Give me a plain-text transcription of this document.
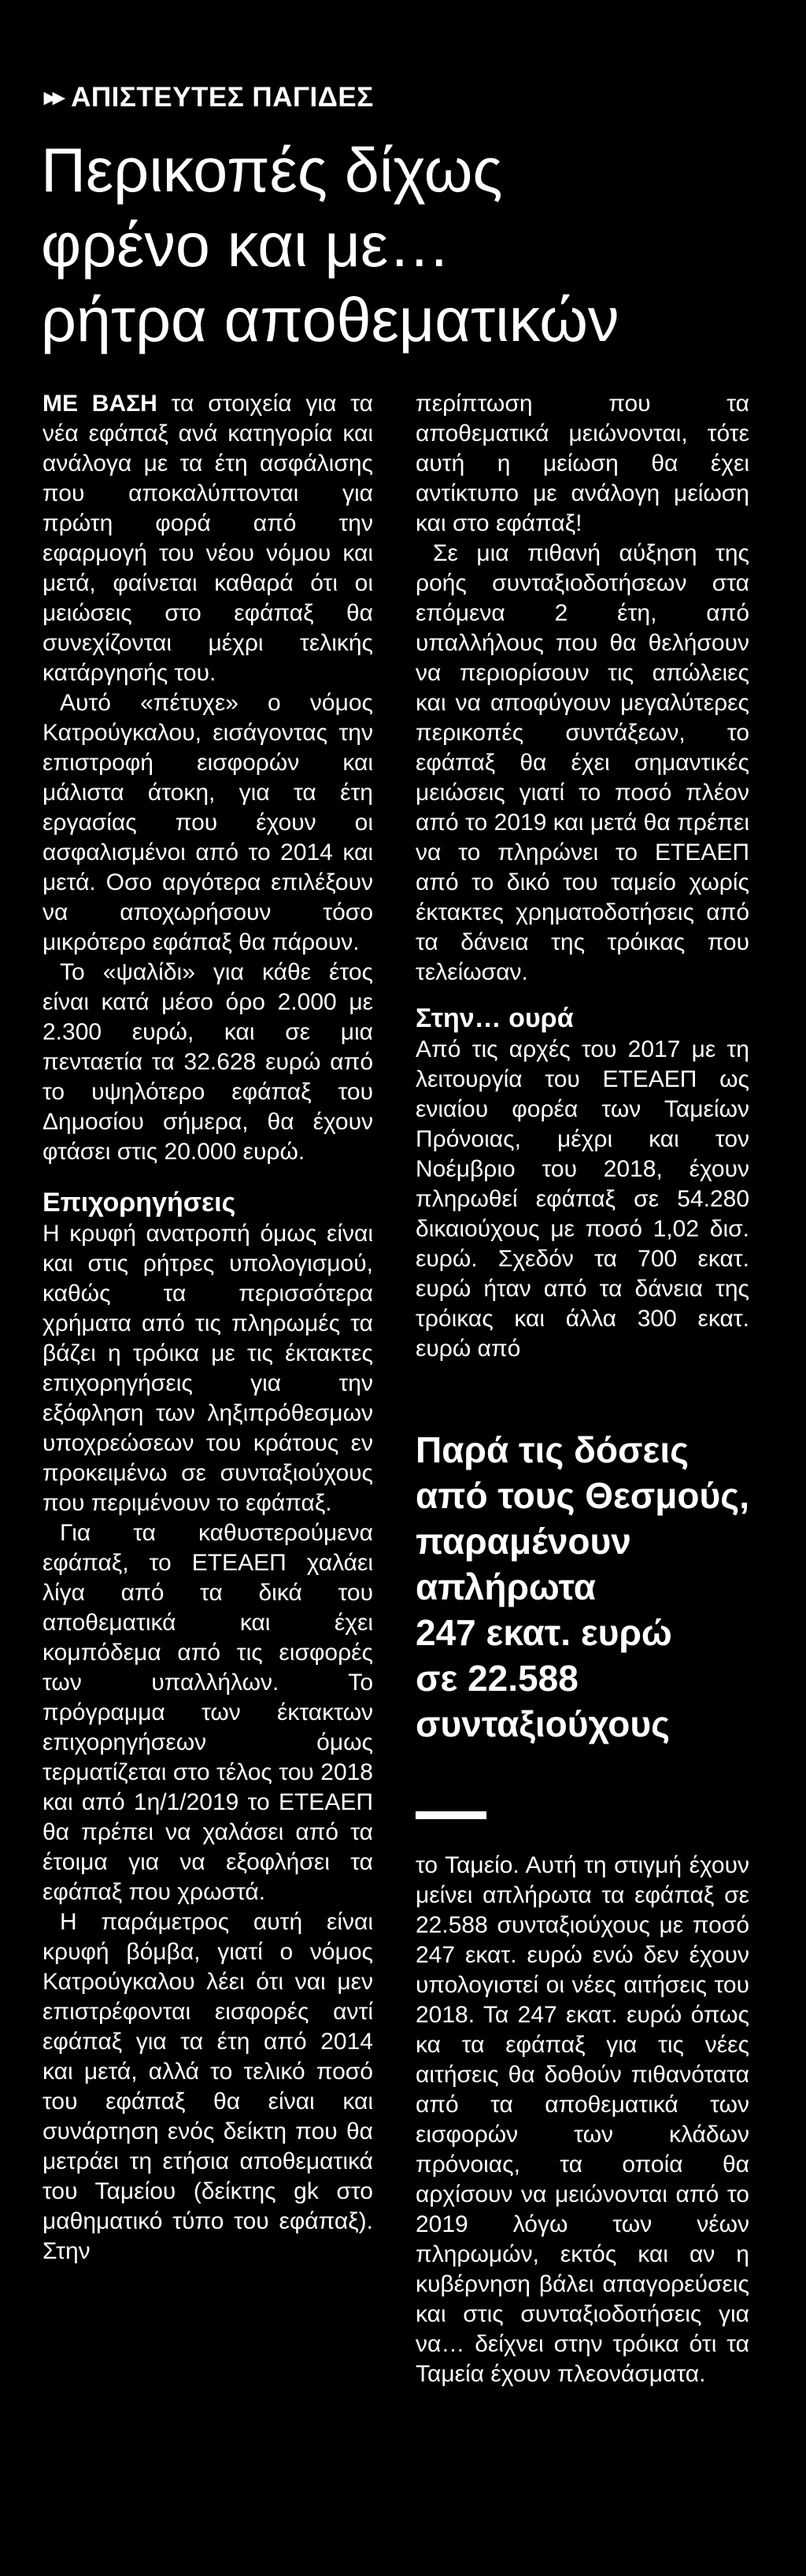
▸▸ ΑΠΙΣΤΕΥΤΕΣ ΠΑΓΙΔΕΣ
Περικοπές δίχως
φρένο και με…
ρήτρα αποθεματικών

ΜΕ ΒΑΣΗ τα στοιχεία για τα νέα εφάπαξ ανά κατηγορία και ανάλογα με τα έτη ασφάλισης που αποκαλύπτονται για πρώτη φορά από την εφαρμογή του νέου νόμου και μετά, φαίνεται καθαρά ότι οι μειώσεις στο εφάπαξ θα συνεχίζονται μέχρι τελικής κατάργησής του.

Αυτό «πέτυχε» ο νόμος Κατρούγκαλου, εισάγοντας την επιστροφή εισφορών και μάλιστα άτοκη, για τα έτη εργασίας που έχουν οι ασφαλισμένοι από το 2014 και μετά. Οσο αργότερα επιλέξουν να αποχωρήσουν τόσο μικρότερο εφάπαξ θα πάρουν.

Το «ψαλίδι» για κάθε έτος είναι κατά μέσο όρο 2.000 με 2.300 ευρώ, και σε μια πενταετία τα 32.628 ευρώ από το υψηλότερο εφάπαξ του Δημοσίου σήμερα, θα έχουν φτάσει στις 20.000 ευρώ.

Επιχορηγήσεις

Η κρυφή ανατροπή όμως είναι και στις ρήτρες υπολογισμού, καθώς τα περισσότερα χρήματα από τις πληρωμές τα βάζει η τρόικα με τις έκτακτες επιχορηγήσεις για την εξόφληση των ληξιπρόθεσμων υποχρεώσεων του κράτους εν προκειμένω σε συνταξιούχους που περιμένουν το εφάπαξ.

Για τα καθυστερούμενα εφάπαξ, το ΕΤΕΑΕΠ χαλάει λίγα από τα δικά του αποθεματικά και έχει κομπόδεμα από τις εισφορές των υπαλλήλων. Το πρόγραμμα των έκτακτων επιχορηγήσεων όμως τερματίζεται στο τέλος του 2018 και από 1η/1/2019 το ΕΤΕΑΕΠ θα πρέπει να χαλάσει από τα έτοιμα για να εξοφλήσει τα εφάπαξ που χρωστά.

Η παράμετρος αυτή είναι κρυφή βόμβα, γιατί ο νόμος Κατρούγκαλου λέει ότι ναι μεν επιστρέφονται εισφορές αντί εφάπαξ για τα έτη από 2014 και μετά, αλλά το τελικό ποσό του εφάπαξ θα είναι και συνάρτηση ενός δείκτη που θα μετράει τη ετήσια αποθεματικά του Ταμείου (δείκτης gk στο μαθηματικό τύπο του εφάπαξ). Στην

περίπτωση που τα αποθεματικά μειώνονται, τότε αυτή η μείωση θα έχει αντίκτυπο με ανάλογη μείωση και στο εφάπαξ!

Σε μια πιθανή αύξηση της ροής συνταξιοδοτήσεων στα επόμενα 2 έτη, από υπαλλήλους που θα θελήσουν να περιορίσουν τις απώλειες και να αποφύγουν μεγαλύτερες περικοπές συντάξεων, το εφάπαξ θα έχει σημαντικές μειώσεις γιατί το ποσό πλέον από το 2019 και μετά θα πρέπει να το πληρώνει το ΕΤΕΑΕΠ από το δικό του ταμείο χωρίς έκτακτες χρηματοδοτήσεις από τα δάνεια της τρόικας που τελείωσαν.

Στην… ουρά

Από τις αρχές του 2017 με τη λειτουργία του ΕΤΕΑΕΠ ως ενιαίου φορέα των Ταμείων Πρόνοιας, μέχρι και τον Νοέμβριο του 2018, έχουν πληρωθεί εφάπαξ σε 54.280 δικαιούχους με ποσό 1,02 δισ. ευρώ. Σχεδόν τα 700 εκατ. ευρώ ήταν από τα δάνεια της τρόικας και άλλα 300 εκατ. ευρώ από

Παρά τις δόσεις
από τους Θεσμούς,
παραμένουν
απλήρωτα
247 εκατ. ευρώ
σε 22.588
συνταξιούχους

το Ταμείο. Αυτή τη στιγμή έχουν μείνει απλήρωτα τα εφάπαξ σε 22.588 συνταξιούχους με ποσό 247 εκατ. ευρώ ενώ δεν έχουν υπολογιστεί οι νέες αιτήσεις του 2018. Τα 247 εκατ. ευρώ όπως κα τα εφάπαξ για τις νέες αιτήσεις θα δοθούν πιθανότατα από τα αποθεματικά των εισφορών των κλάδων πρόνοιας, τα οποία θα αρχίσουν να μειώνονται από το 2019 λόγω των νέων πληρωμών, εκτός και αν η κυβέρνηση βάλει απαγορεύσεις και στις συνταξιοδοτήσεις για να… δείχνει στην τρόικα ότι τα Ταμεία έχουν πλεονάσματα.
